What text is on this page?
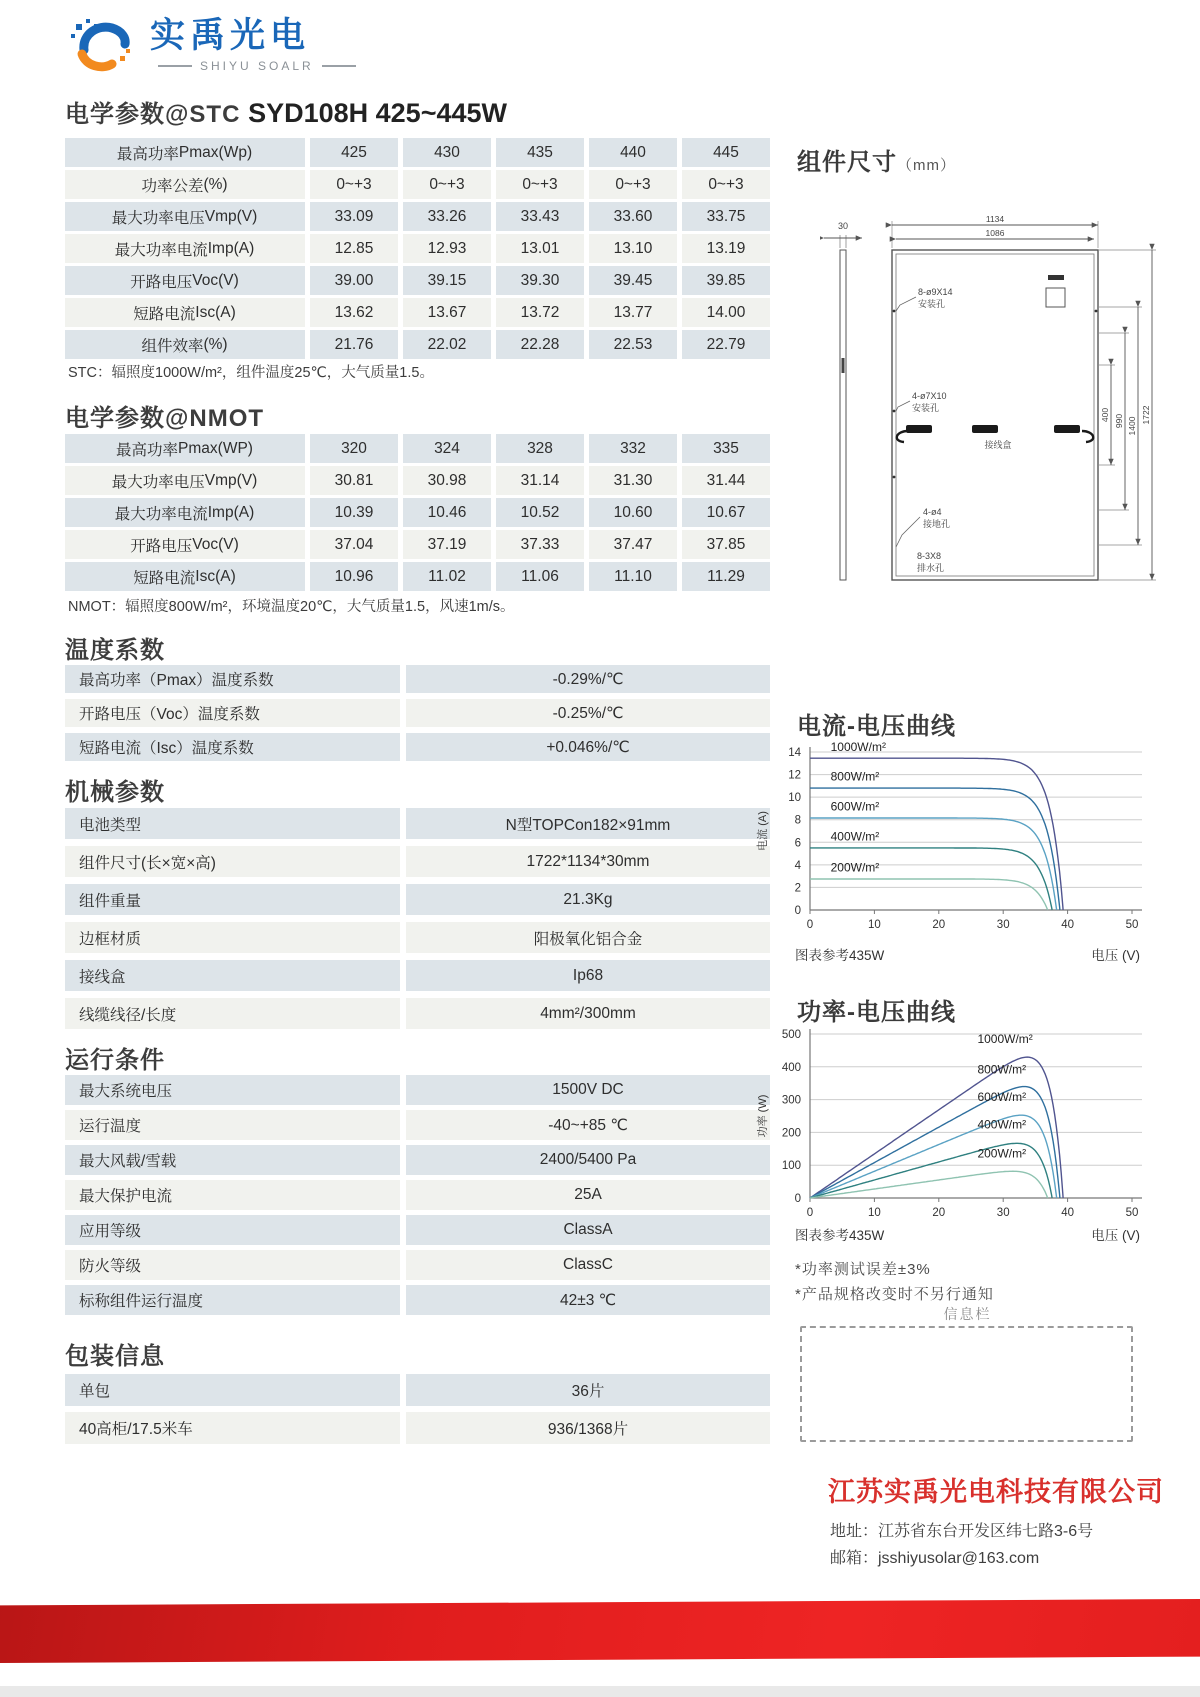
实禹光电
SHIYU SOALR
电学参数@STC SYD108H 425~445W
最高功率 Pmax(Wp)	425	430	435	440	445
功率公差 (%)	0~+3	0~+3	0~+3	0~+3	0~+3
最大功率电压 Vmp(V)	33.09	33.26	33.43	33.60	33.75
最大功率电流 Imp(A)	12.85	12.93	13.01	13.10	13.19
开路电压 Voc(V)	39.00	39.15	39.30	39.45	39.85
短路电流 Isc(A)	13.62	13.67	13.72	13.77	14.00
组件效率 (%)	21.76	22.02	22.28	22.53	22.79
STC：辐照度1000W/m²，组件温度25℃，大气质量1.5。
电学参数@NMOT
最高功率 Pmax(WP)	320	324	328	332	335
最大功率电压 Vmp(V)	30.81	30.98	31.14	31.30	31.44
最大功率电流 Imp(A)	10.39	10.46	10.52	10.60	10.67
开路电压 Voc(V)	37.04	37.19	37.33	37.47	37.85
短路电流 Isc(A)	10.96	11.02	11.06	11.10	11.29
NMOT：辐照度800W/m²，环境温度20℃，大气质量1.5，风速1m/s。
温度系数
最高功率（Pmax）温度系数	-0.29%/℃
开路电压（Voc）温度系数	-0.25%/℃
短路电流（Isc）温度系数	+0.046%/℃
机械参数
电池类型	N型TOPCon182×91mm
组件尺寸(长×宽×高)	1722*1134*30mm
组件重量	21.3Kg
边框材质	阳极氧化铝合金
接线盒	Ip68
线缆线径/长度	4mm²/300mm
运行条件
最大系统电压	1500V DC
运行温度	-40~+85 ℃
最大风载/雪载	2400/5400 Pa
最大保护电流	25A
应用等级	ClassA
防火等级	ClassC
标称组件运行温度	42±3 ℃
包装信息
单包	36片
40高柜/17.5米车	936/1368片
组件尺寸（mm）
30
1134
1086
400 990 1400
1722
8-ø9X14
安装孔
4-ø7X10
安装孔
接线盒
4-ø4
接地孔
8-3X8
排水孔
电流-电压曲线
0
2
4
6
8
10
12
14
0	10	20	30	40	50
电流 (A)
1000W/m²
800W/m²
600W/m²
400W/m²
200W/m²
图表参考435W	电压 (V)
功率-电压曲线
0
100
200
300
400
500
0	10	20	30	40	50
功率 (W)
1000W/m²
800W/m²
600W/m²
400W/m²
200W/m²
图表参考435W	电压 (V)
*功率测试误差±3%
*产品规格改变时不另行通知
信息栏
江苏实禹光电科技有限公司
地址：江苏省东台开发区纬七路3-6号
邮箱：jsshiyusolar@163.com
